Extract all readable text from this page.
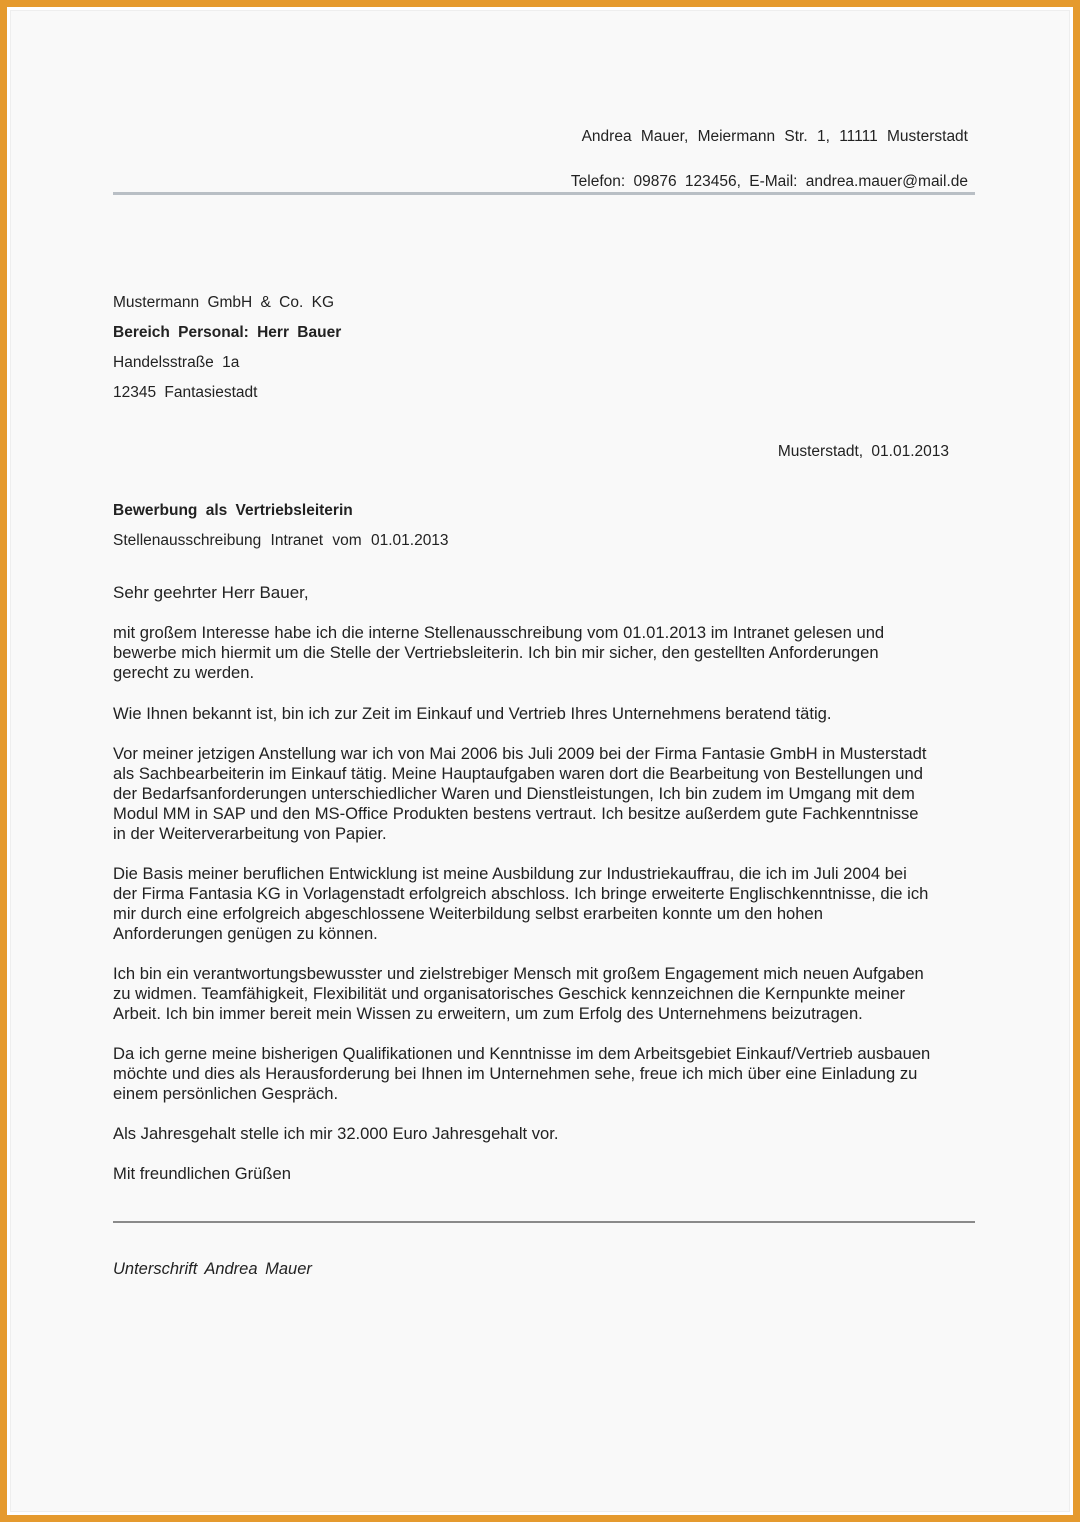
Andrea Mauer, Meiermann Str. 1, 11111 Musterstadt
Telefon: 09876 123456, E-Mail: andrea.mauer@mail.de
Mustermann GmbH & Co. KG
Bereich Personal: Herr Bauer
Handelsstraße 1a
12345 Fantasiestadt
Musterstadt, 01.01.2013
Bewerbung als Vertriebsleiterin
Stellenausschreibung Intranet vom 01.01.2013
Sehr geehrter Herr Bauer,
mit großem Interesse habe ich die interne Stellenausschreibung vom 01.01.2013 im Intranet gelesen und
bewerbe mich hiermit um die Stelle der Vertriebsleiterin. Ich bin mir sicher, den gestellten Anforderungen
gerecht zu werden.
Wie Ihnen bekannt ist, bin ich zur Zeit im Einkauf und Vertrieb Ihres Unternehmens beratend tätig.
Vor meiner jetzigen Anstellung war ich von Mai 2006 bis Juli 2009 bei der Firma Fantasie GmbH in Musterstadt
als Sachbearbeiterin im Einkauf tätig. Meine Hauptaufgaben waren dort die Bearbeitung von Bestellungen und
der Bedarfsanforderungen unterschiedlicher Waren und Dienstleistungen, Ich bin zudem im Umgang mit dem
Modul MM in SAP und den MS-Office Produkten bestens vertraut. Ich besitze außerdem gute Fachkenntnisse
in der Weiterverarbeitung von Papier.
Die Basis meiner beruflichen Entwicklung ist meine Ausbildung zur Industriekauffrau, die ich im Juli 2004 bei
der Firma Fantasia KG in Vorlagenstadt erfolgreich abschloss. Ich bringe erweiterte Englischkenntnisse, die ich
mir durch eine erfolgreich abgeschlossene Weiterbildung selbst erarbeiten konnte um den hohen
Anforderungen genügen zu können.
Ich bin ein verantwortungsbewusster und zielstrebiger Mensch mit großem Engagement mich neuen Aufgaben
zu widmen. Teamfähigkeit, Flexibilität und organisatorisches Geschick kennzeichnen die Kernpunkte meiner
Arbeit. Ich bin immer bereit mein Wissen zu erweitern, um zum Erfolg des Unternehmens beizutragen.
Da ich gerne meine bisherigen Qualifikationen und Kenntnisse im dem Arbeitsgebiet Einkauf/Vertrieb ausbauen
möchte und dies als Herausforderung bei Ihnen im Unternehmen sehe, freue ich mich über eine Einladung zu
einem persönlichen Gespräch.
Als Jahresgehalt stelle ich mir 32.000 Euro Jahresgehalt vor.
Mit freundlichen Grüßen
Unterschrift Andrea Mauer
